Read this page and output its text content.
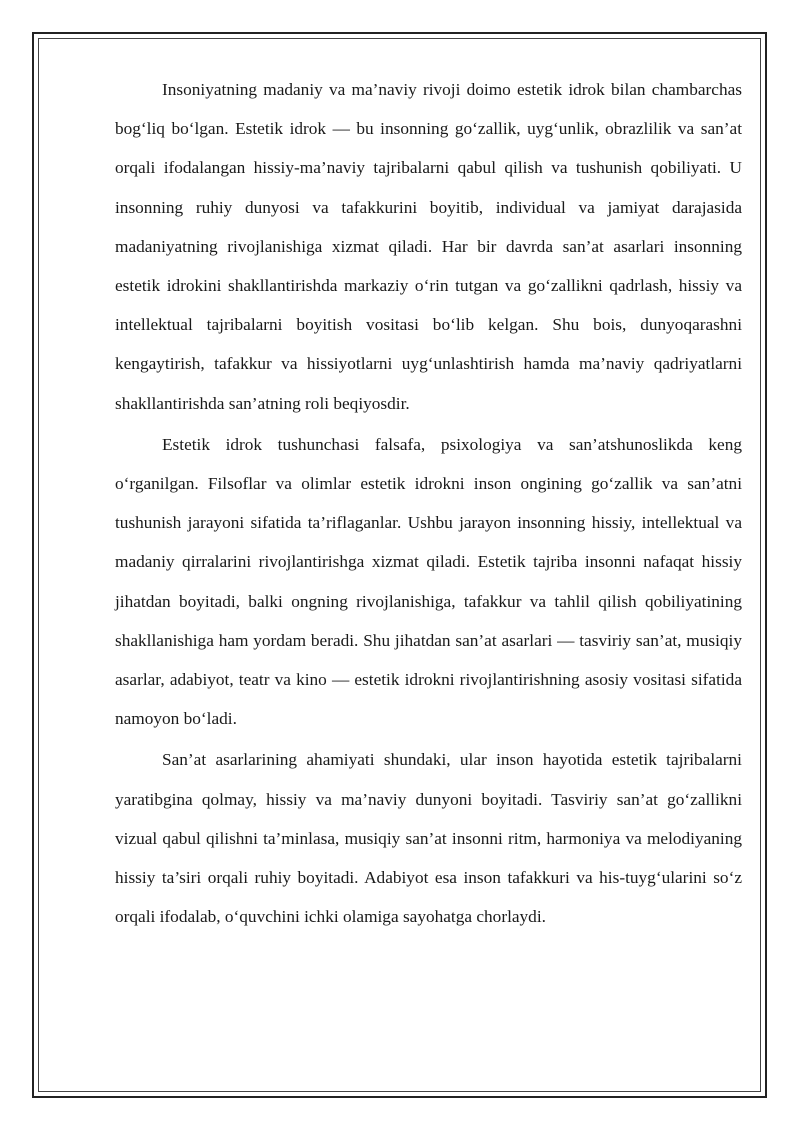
Insoniyatning madaniy va ma’naviy rivoji doimo estetik idrok bilan chambarchas bog‘liq bo‘lgan. Estetik idrok — bu insonning go‘zallik, uyg‘unlik, obrazlilik va san’at orqali ifodalangan hissiy-ma’naviy tajribalarni qabul qilish va tushunish qobiliyati. U insonning ruhiy dunyosi va tafakkurini boyitib, individual va jamiyat darajasida madaniyatning rivojlanishiga xizmat qiladi. Har bir davrda san’at asarlari insonning estetik idrokini shakllantirishda markaziy o‘rin tutgan va go‘zallikni qadrlash, hissiy va intellektual tajribalarni boyitish vositasi bo‘lib kelgan. Shu bois, dunyoqarashni kengaytirish, tafakkur va hissiyotlarni uyg‘unlashtirish hamda ma’naviy qadriyatlarni shakllantirishda san’atning roli beqiyosdir.

Estetik idrok tushunchasi falsafa, psixologiya va san’atshunoslikda keng o‘rganilgan. Filsoflar va olimlar estetik idrokni inson ongining go‘zallik va san’atni tushunish jarayoni sifatida ta’riflaganlar. Ushbu jarayon insonning hissiy, intellektual va madaniy qirralarini rivojlantirishga xizmat qiladi. Estetik tajriba insonni nafaqat hissiy jihatdan boyitadi, balki ongning rivojlanishiga, tafakkur va tahlil qilish qobiliyatining shakllanishiga ham yordam beradi. Shu jihatdan san’at asarlari — tasviriy san’at, musiqiy asarlar, adabiyot, teatr va kino — estetik idrokni rivojlantirishning asosiy vositasi sifatida namoyon bo‘ladi.

San’at asarlarining ahamiyati shundaki, ular inson hayotida estetik tajribalarni yaratibgina qolmay, hissiy va ma’naviy dunyoni boyitadi. Tasviriy san’at go‘zallikni vizual qabul qilishni ta’minlasa, musiqiy san’at insonni ritm, harmoniya va melodiyaning hissiy ta’siri orqali ruhiy boyitadi. Adabiyot esa inson tafakkuri va his-tuyg‘ularini so‘z orqali ifodalab, o‘quvchini ichki olamiga sayohatga chorlaydi.
